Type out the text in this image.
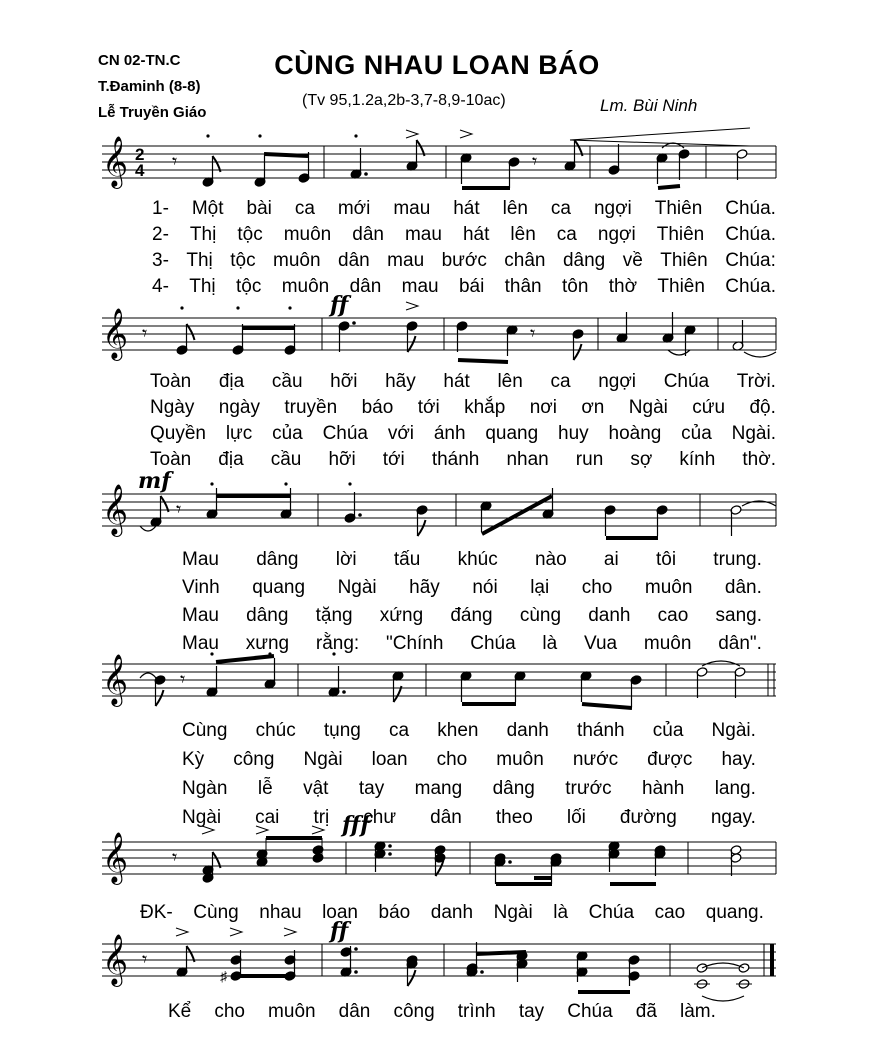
CN 02-TN.C
T.Đaminh (8-8)
Lễ Truyền Giáo
CÙNG NHAU LOAN BÁO
(Tv 95,1.2a,2b-3,7-8,9-10ac)	Lm. Bùi Ninh
𝄞 2
4 𝄾	𝄾
𝄞 𝄾
ff
𝄾
𝄞
mf
𝄾
𝄞	𝄾
𝄞 𝄾
fff
𝄞 𝄾
♯
ff
1- Một bài ca mới mau hát lên ca ngợi Thiên Chúa.
2- Thị tộc muôn dân mau hát lên ca ngợi Thiên Chúa.
3- Thị tộc muôn dân mau bước chân dâng về Thiên Chúa:
4- Thị tộc muôn dân mau bái thân tôn thờ Thiên Chúa.
Toàn địa cầu hỡi hãy hát lên ca ngợi Chúa Trời.
Ngày ngày truyền báo tới khắp nơi ơn Ngài cứu độ.
Quyền lực của Chúa với ánh quang huy hoàng của Ngài.
Toàn địa cầu hỡi tới thánh nhan run sợ kính thờ.
Mau dâng lời tấu khúc nào ai tôi trung.
Vinh quang Ngài hãy nói lại cho muôn dân.
Mau dâng tặng xứng đáng cùng danh cao sang.
Mau xưng rằng: "Chính Chúa là Vua muôn dân".
Cùng chúc tụng ca khen danh thánh của Ngài.
Kỳ công Ngài loan cho muôn nước được hay.
Ngàn lễ vật tay mang dâng trước hành lang.
Ngài cai trị chư dân theo lối đường ngay.
ĐK- Cùng nhau loan báo danh Ngài là Chúa cao quang.
Kể cho muôn dân công trình tay Chúa đã làm.
